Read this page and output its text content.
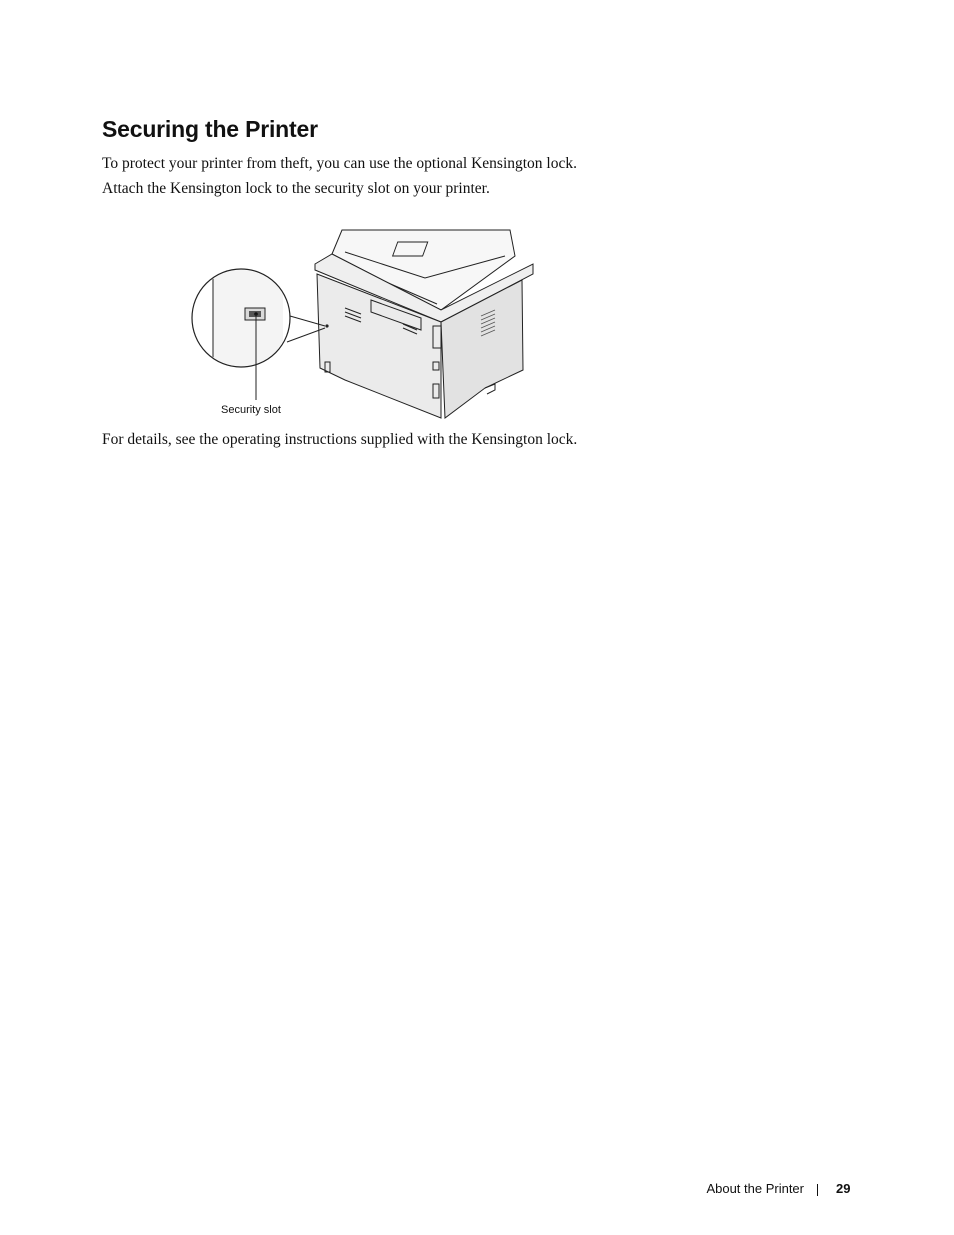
Securing the Printer

To protect your printer from theft, you can use the optional Kensington lock.

Attach the Kensington lock to the security slot on your printer.

Security slot

For details, see the operating instructions supplied with the Kensington lock.

About the Printer 29
